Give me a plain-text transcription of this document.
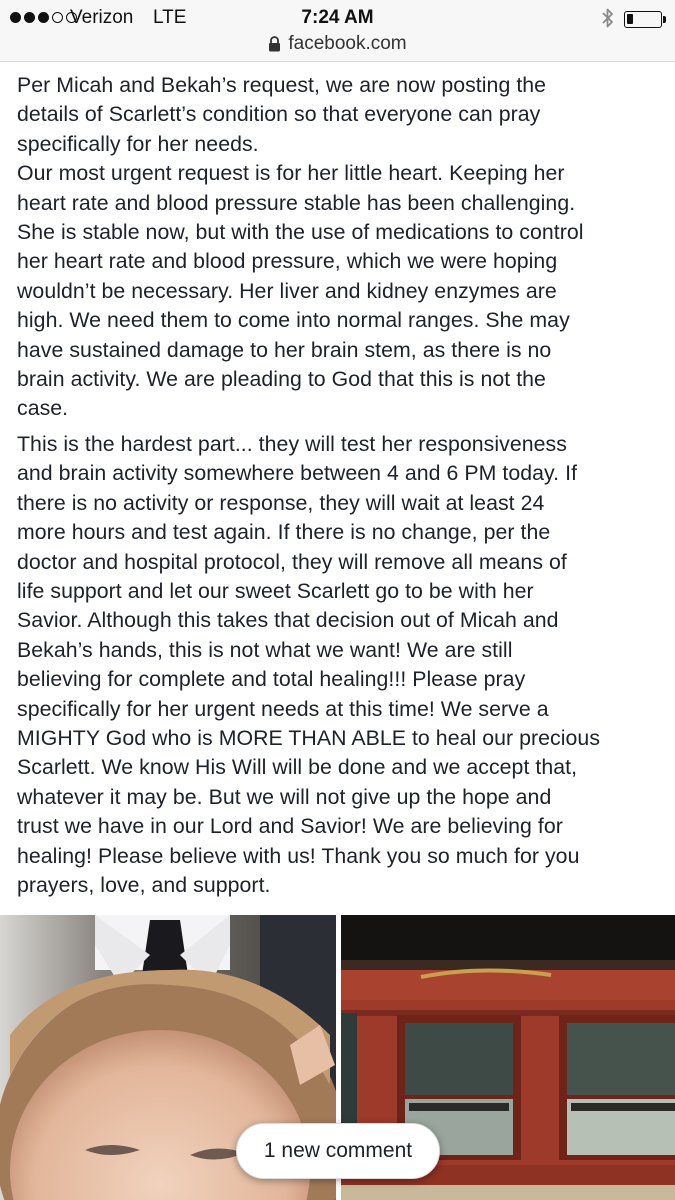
Verizon LTE	7:24 AM
facebook.com

Per Micah and Bekah’s request, we are now posting the
details of Scarlett’s condition so that everyone can pray
specifically for her needs.
Our most urgent request is for her little heart. Keeping her
heart rate and blood pressure stable has been challenging.
She is stable now, but with the use of medications to control
her heart rate and blood pressure, which we were hoping
wouldn’t be necessary. Her liver and kidney enzymes are
high. We need them to come into normal ranges. She may
have sustained damage to her brain stem, as there is no
brain activity. We are pleading to God that this is not the
case.

This is the hardest part... they will test her responsiveness
and brain activity somewhere between 4 and 6 PM today. If
there is no activity or response, they will wait at least 24
more hours and test again. If there is no change, per the
doctor and hospital protocol, they will remove all means of
life support and let our sweet Scarlett go to be with her
Savior. Although this takes that decision out of Micah and
Bekah’s hands, this is not what we want! We are still
believing for complete and total healing!!! Please pray
specifically for her urgent needs at this time! We serve a
MIGHTY God who is MORE THAN ABLE to heal our precious
Scarlett. We know His Will will be done and we accept that,
whatever it may be. But we will not give up the hope and
trust we have in our Lord and Savior! We are believing for
healing! Please believe with us! Thank you so much for you
prayers, love, and support.

1 new comment
